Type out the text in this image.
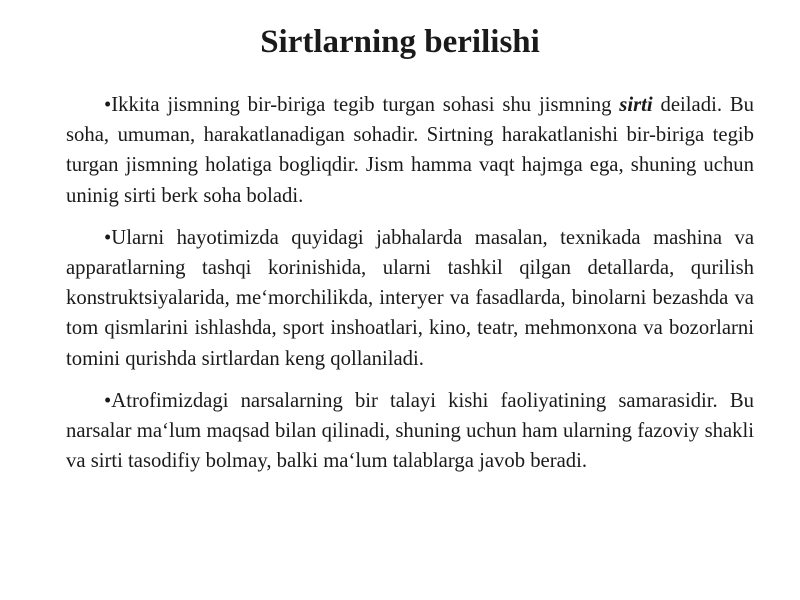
Sirtlarning berilishi

•Ikkita jismning bir-biriga tegib turgan sohasi shu jismning sirti deiladi. Bu soha, umuman, harakatlanadigan sohadir. Sirtning harakatlanishi bir-biriga tegib turgan jismning holatiga bogliqdir. Jism hamma vaqt hajmga ega, shuning uchun uninig sirti berk soha boladi.

•Ularni hayotimizda quyidagi jabhalarda masalan, texnikada mashina va apparatlarning tashqi korinishida, ularni tashkil qilgan detallarda, qurilish konstruktsiyalarida, me‘morchilikda, interyer va fasadlarda, binolarni bezashda va tom qismlarini ishlashda, sport inshoatlari, kino, teatr, mehmonxona va bozorlarni tomini qurishda sirtlardan keng qollaniladi.

•Atrofimizdagi narsalarning bir talayi kishi faoliyatining samarasidir. Bu narsalar ma‘lum maqsad bilan qilinadi, shuning uchun ham ularning fazoviy shakli va sirti tasodifiy bolmay, balki ma‘lum talablarga javob beradi.
